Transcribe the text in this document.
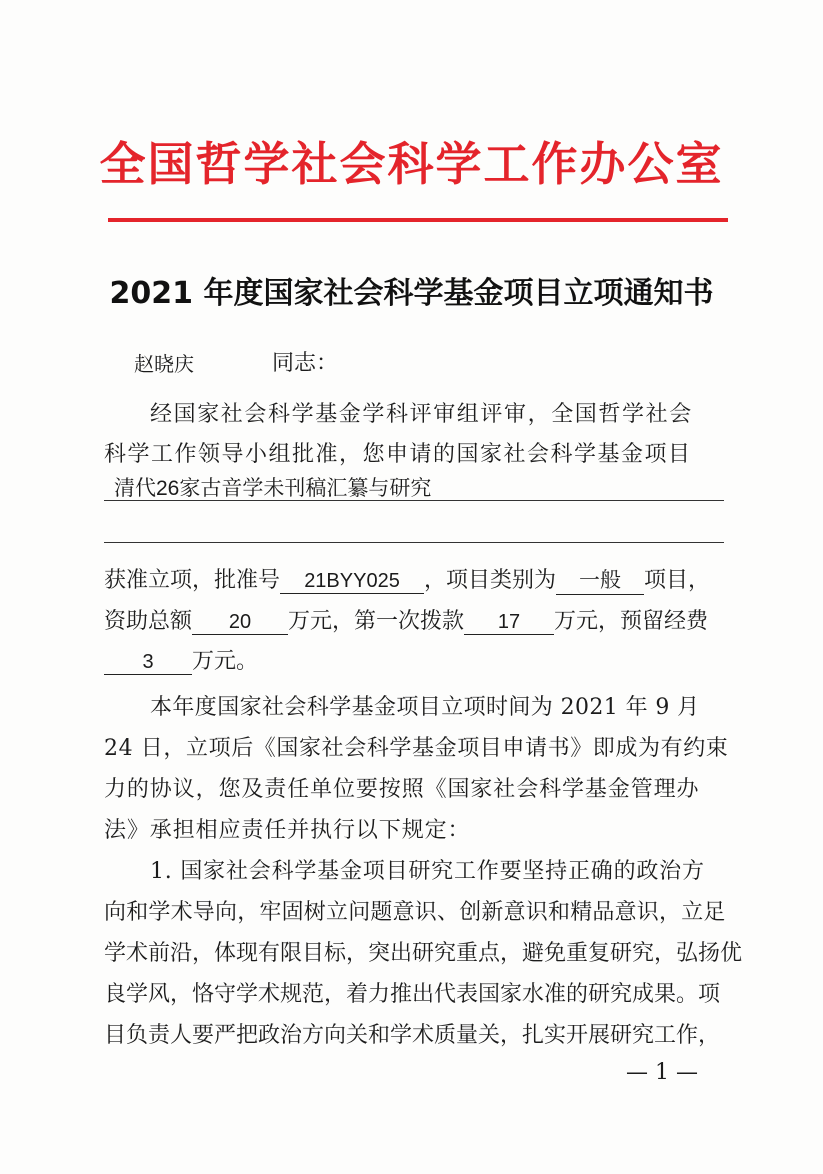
全国哲学社会科学工作办公室
2021 年度国家社会科学基金项目立项通知书
赵晓庆	同志：
经国家社会科学基金学科评审组评审，全国哲学社会
科学工作领导小组批准，您申请的国家社会科学基金项目
清代26家古音学未刊稿汇纂与研究
获准立项，批准号 21BYY025 ，项目类别为 一般 项目，
资助总额 20 万元，第一次拨款 17 万元，预留经费
3 万元。
本年度国家社会科学基金项目立项时间为 2021 年 9 月
24 日，立项后《国家社会科学基金项目申请书》即成为有约束
力的协议，您及责任单位要按照《国家社会科学基金管理办
法》承担相应责任并执行以下规定：
1. 国家社会科学基金项目研究工作要坚持正确的政治方
向和学术导向，牢固树立问题意识、创新意识和精品意识，立足
学术前沿，体现有限目标，突出研究重点，避免重复研究，弘扬优
良学风，恪守学术规范，着力推出代表国家水准的研究成果。项
目负责人要严把政治方向关和学术质量关，扎实开展研究工作，
— 1 —
